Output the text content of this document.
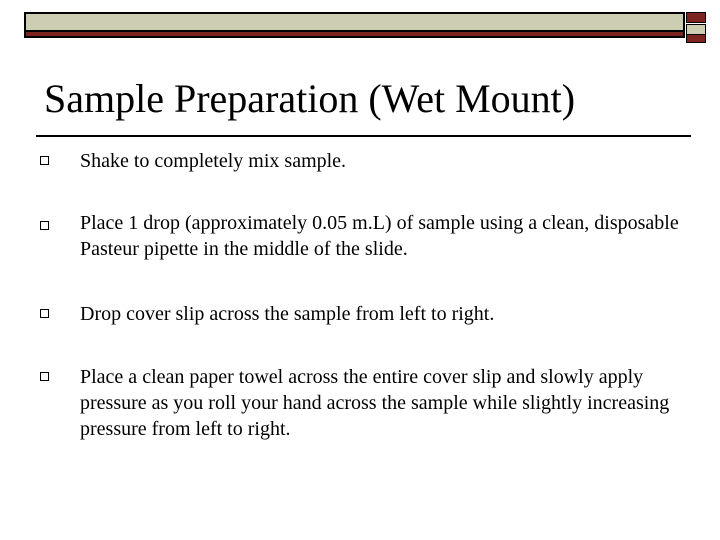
Sample Preparation (Wet Mount)
Shake to completely mix sample.
Place 1 drop (approximately 0.05 m.L) of sample using a clean, disposable Pasteur pipette in the middle of the slide.
Drop cover slip across the sample from left to right.
Place a clean paper towel across the entire cover slip and slowly apply pressure as you roll your hand across the sample while slightly increasing pressure from left to right.
